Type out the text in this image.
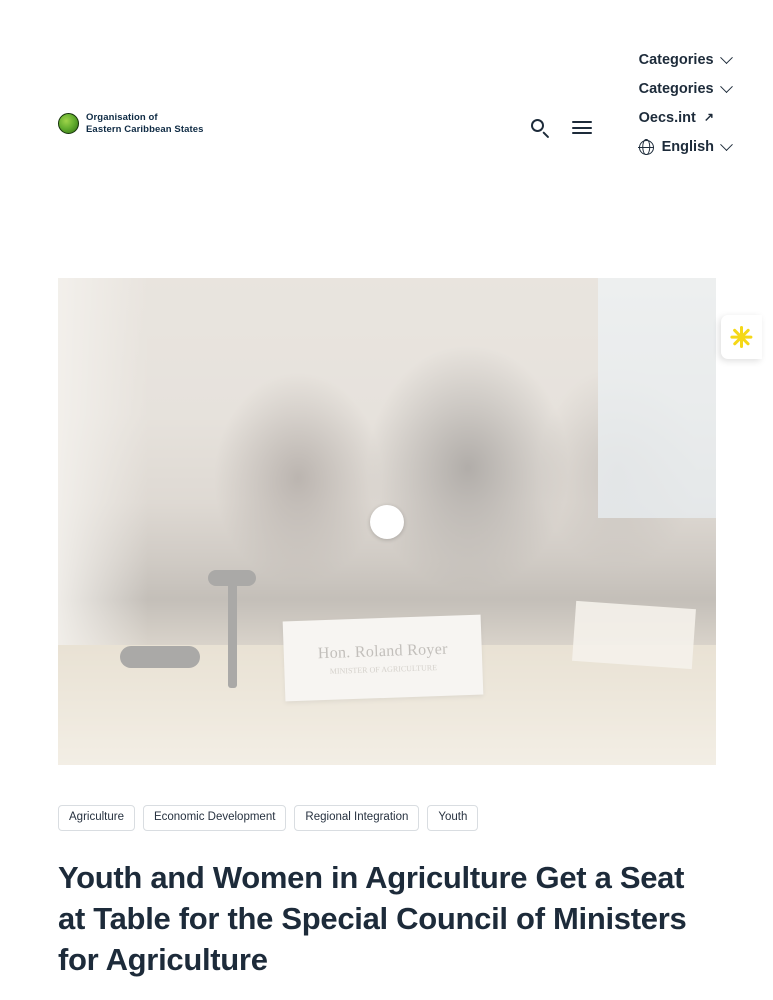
Organisation of
Eastern Caribbean States
Categories
Categories
Oecs.int ↗
English
Agriculture	Economic Development	Regional Integration	Youth
Youth and Women in Agriculture Get a Seat at Table for the Special Council of Ministers for Agriculture
